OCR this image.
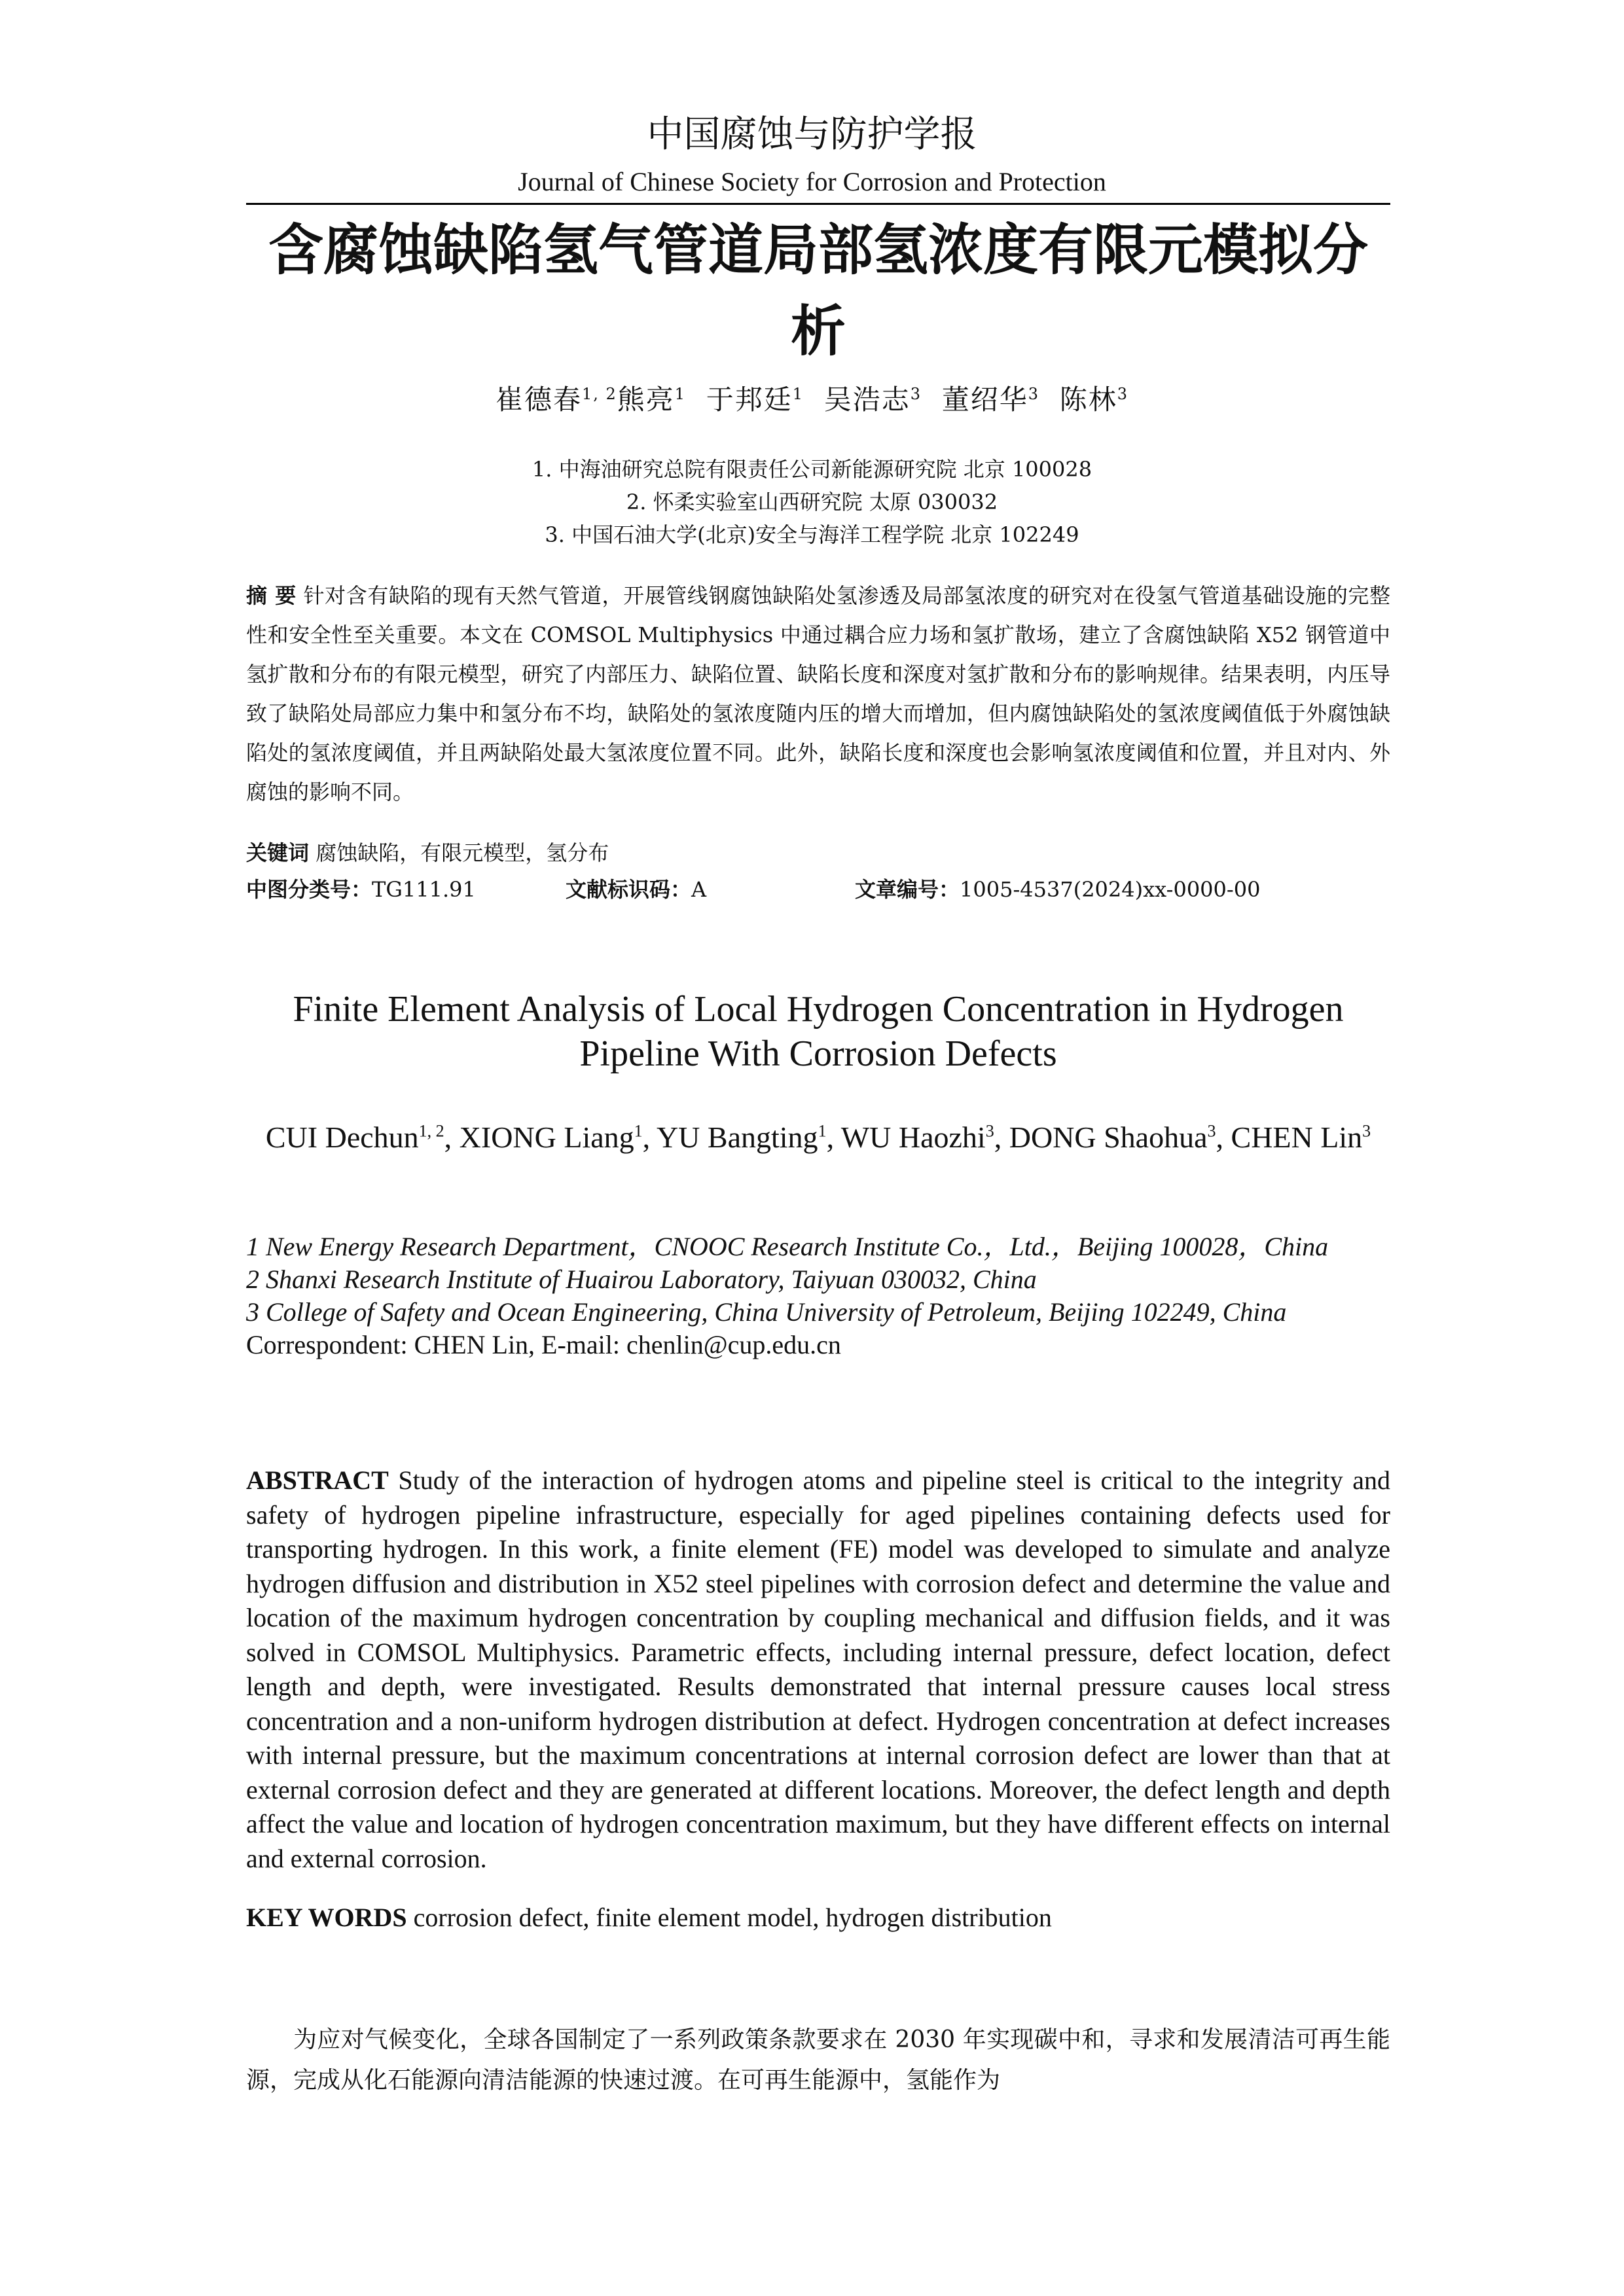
中国腐蚀与防护学报
Journal of Chinese Society for Corrosion and Protection
含腐蚀缺陷氢气管道局部氢浓度有限元模拟分析
崔德春$^{1, 2}$熊亮$^1$ 于邦廷$^1$ 吴浩志$^3$ 董绍华$^3$ 陈林$^3$
1. 中海油研究总院有限责任公司新能源研究院 北京 100028
2. 怀柔实验室山西研究院 太原 030032
3. 中国石油大学(北京)安全与海洋工程学院 北京 102249
摘 要 针对含有缺陷的现有天然气管道，开展管线钢腐蚀缺陷处氢渗透及局部氢浓度的研究对在役氢气管道基础设施的完整性和安全性至关重要。本文在 COMSOL Multiphysics 中通过耦合应力场和氢扩散场，建立了含腐蚀缺陷 X52 钢管道中氢扩散和分布的有限元模型，研究了内部压力、缺陷位置、缺陷长度和深度对氢扩散和分布的影响规律。结果表明，内压导致了缺陷处局部应力集中和氢分布不均，缺陷处的氢浓度随内压的增大而增加，但内腐蚀缺陷处的氢浓度阈值低于外腐蚀缺陷处的氢浓度阈值，并且两缺陷处最大氢浓度位置不同。此外，缺陷长度和深度也会影响氢浓度阈值和位置，并且对内、外腐蚀的影响不同。
关键词 腐蚀缺陷，有限元模型，氢分布
中图分类号：TG111.91	文献标识码：A	文章编号：1005-4537(2024)xx-0000-00
Finite Element Analysis of Local Hydrogen Concentration in Hydrogen Pipeline With Corrosion Defects
CUI Dechun$^{1, 2}$, XIONG Liang$^1$, YU Bangting$^1$, WU Haozhi$^3$, DONG Shaohua$^3$, CHEN Lin$^3$
1 New Energy Research Department，CNOOC Research Institute Co.，Ltd.，Beijing 100028，China
2 Shanxi Research Institute of Huairou Laboratory, Taiyuan 030032, China
3 College of Safety and Ocean Engineering, China University of Petroleum, Beijing 102249, China
Correspondent: CHEN Lin, E-mail: chenlin@cup.edu.cn
ABSTRACT Study of the interaction of hydrogen atoms and pipeline steel is critical to the integrity and safety of hydrogen pipeline infrastructure, especially for aged pipelines containing defects used for transporting hydrogen. In this work, a finite element (FE) model was developed to simulate and analyze hydrogen diffusion and distribution in X52 steel pipelines with corrosion defect and determine the value and location of the maximum hydrogen concentration by coupling mechanical and diffusion fields, and it was solved in COMSOL Multiphysics. Parametric effects, including internal pressure, defect location, defect length and depth, were investigated. Results demonstrated that internal pressure causes local stress concentration and a non-uniform hydrogen distribution at defect. Hydrogen concentration at defect increases with internal pressure, but the maximum concentrations at internal corrosion defect are lower than that at external corrosion defect and they are generated at different locations. Moreover, the defect length and depth affect the value and location of hydrogen concentration maximum, but they have different effects on internal and external corrosion.
KEY WORDS corrosion defect, finite element model, hydrogen distribution
为应对气候变化，全球各国制定了一系列政策条款要求在 2030 年实现碳中和，寻求和发展清洁可再生能源，完成从化石能源向清洁能源的快速过渡。在可再生能源中，氢能作为
